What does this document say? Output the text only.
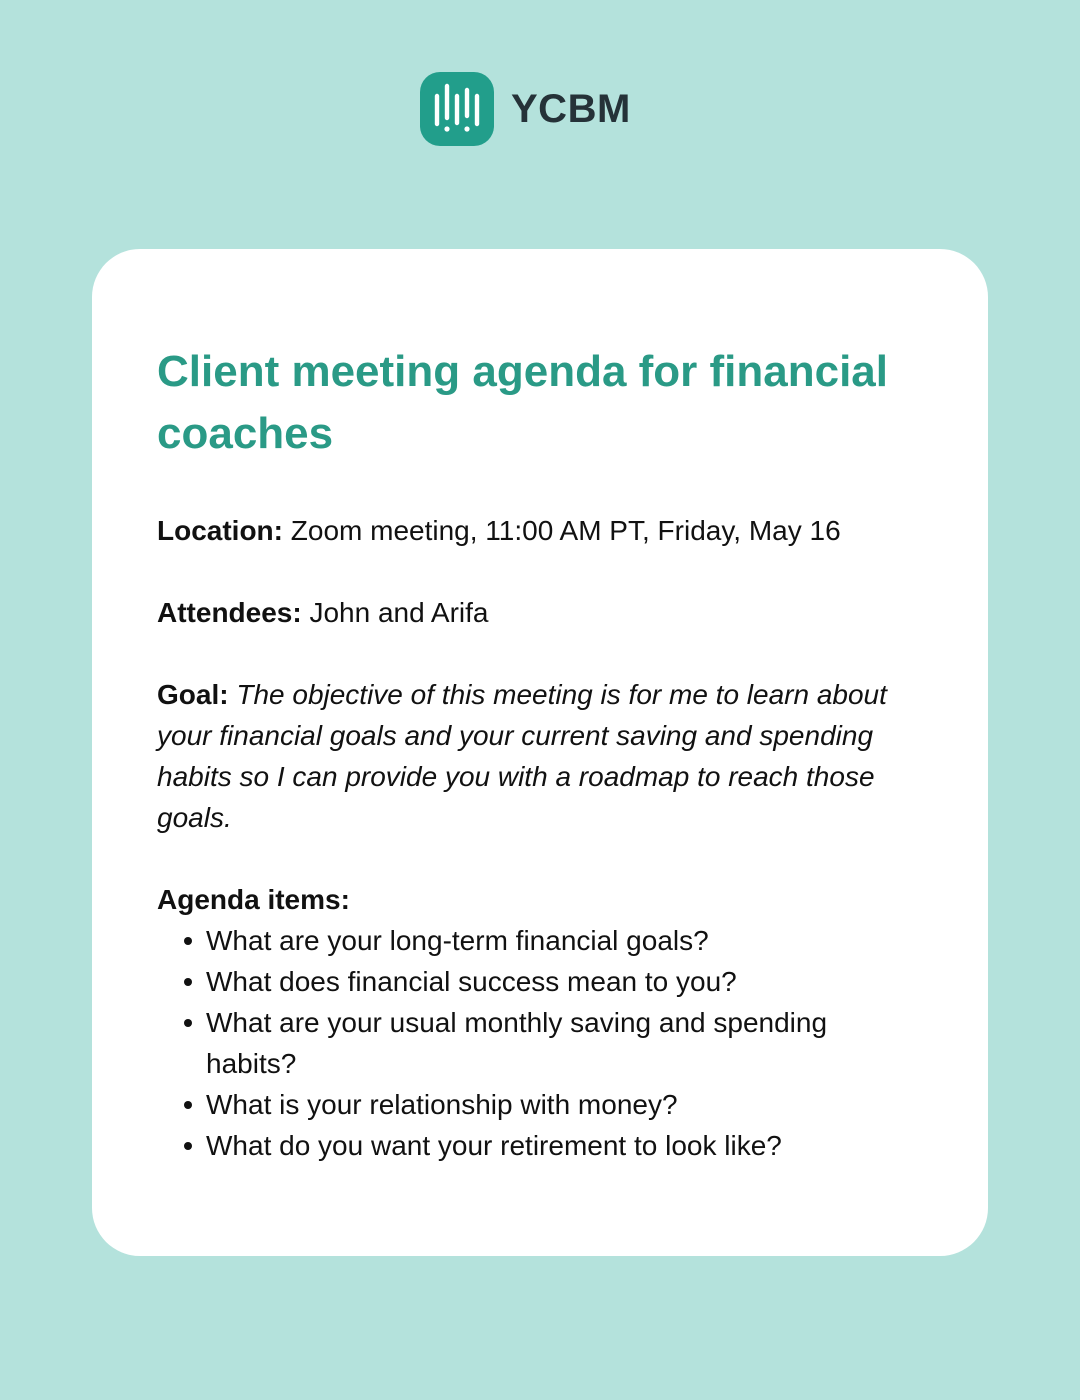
YCBM
Client meeting agenda for financial coaches

Location: Zoom meeting, 11:00 AM PT, Friday, May 16

Attendees: John and Arifa

Goal: The objective of this meeting is for me to learn about your financial goals and your current saving and spending habits so I can provide you with a roadmap to reach those goals.

Agenda items:

What are your long-term financial goals?
What does financial success mean to you?
What are your usual monthly saving and spending habits?
What is your relationship with money?
What do you want your retirement to look like?
